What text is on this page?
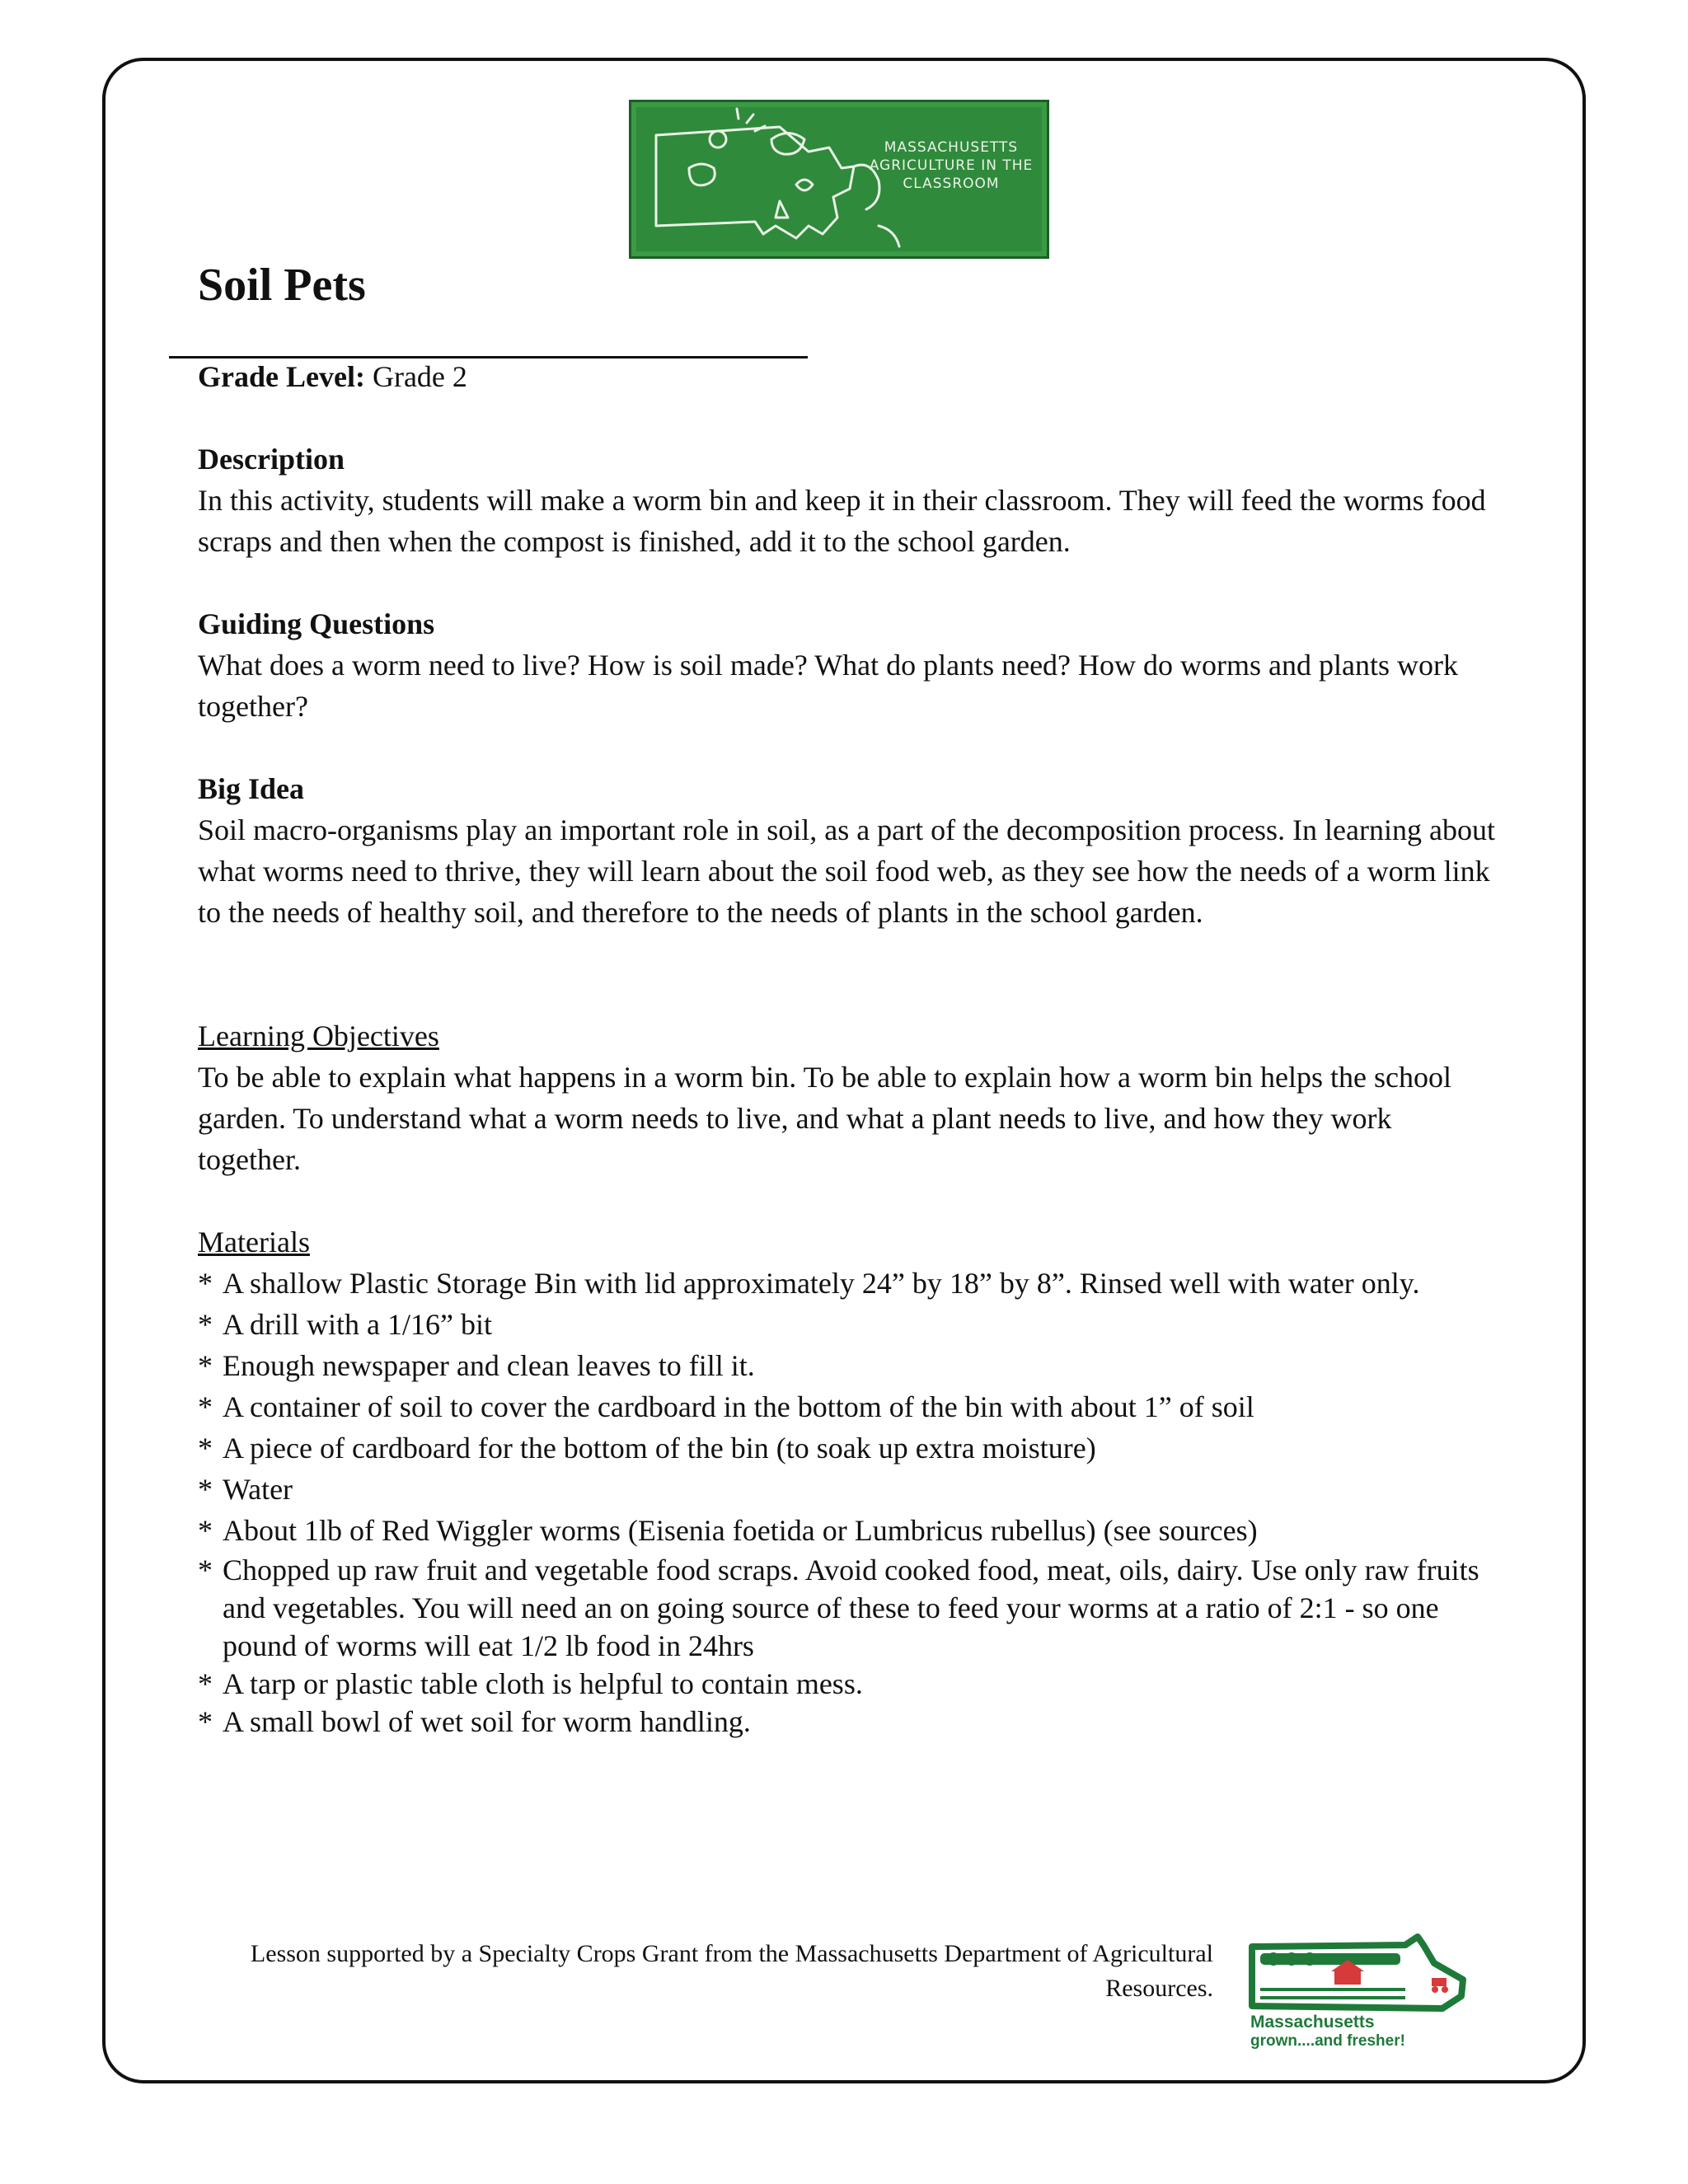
MASSACHUSETTS AGRICULTURE IN THE CLASSROOM
Soil Pets
Grade Level: Grade 2
Description
In this activity, students will make a worm bin and keep it in their classroom. They will feed the worms food scraps and then when the compost is finished, add it to the school garden.
Guiding Questions
What does a worm need to live? How is soil made? What do plants need? How do worms and plants work together?
Big Idea
Soil macro-organisms play an important role in soil, as a part of the decomposition process. In learning about what worms need to thrive, they will learn about the soil food web, as they see how the needs of a worm link to the needs of healthy soil, and therefore to the needs of plants in the school garden.
Learning Objectives
To be able to explain what happens in a worm bin. To be able to explain how a worm bin helps the school garden. To understand what a worm needs to live, and what a plant needs to live, and how they work together.
Materials
* A shallow Plastic Storage Bin with lid approximately 24” by 18” by 8”. Rinsed well with water only.
* A drill with a 1/16” bit
* Enough newspaper and clean leaves to fill it.
* A container of soil to cover the cardboard in the bottom of the bin with about 1” of soil
* A piece of cardboard for the bottom of the bin (to soak up extra moisture)
* Water
* About 1lb of Red Wiggler worms (Eisenia foetida or Lumbricus rubellus) (see sources)
* Chopped up raw fruit and vegetable food scraps. Avoid cooked food, meat, oils, dairy. Use only raw fruits and vegetables. You will need an on going source of these to feed your worms at a ratio of 2:1 - so one pound of worms will eat 1/2 lb food in 24hrs
* A tarp or plastic table cloth is helpful to contain mess.
* A small bowl of wet soil for worm handling.
Lesson supported by a Specialty Crops Grant from the Massachusetts Department of Agricultural Resources.
Massachusetts
grown....and fresher!
